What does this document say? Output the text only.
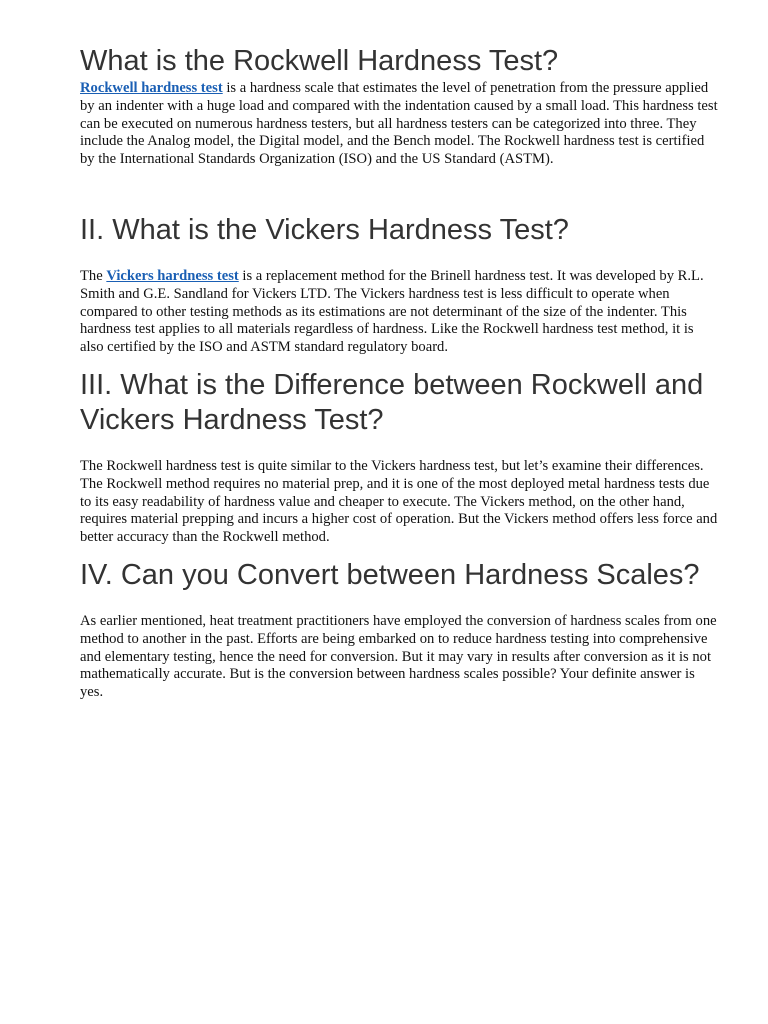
What is the Rockwell Hardness Test?

Rockwell hardness test is a hardness scale that estimates the level of penetration from the pressure applied by an indenter with a huge load and compared with the indentation caused by a small load. This hardness test can be executed on numerous hardness testers, but all hardness testers can be categorized into three. They include the Analog model, the Digital model, and the Bench model. The Rockwell hardness test is certified by the International Standards Organization (ISO) and the US Standard (ASTM).

II. What is the Vickers Hardness Test?

The Vickers hardness test is a replacement method for the Brinell hardness test. It was developed by R.L. Smith and G.E. Sandland for Vickers LTD. The Vickers hardness test is less difficult to operate when compared to other testing methods as its estimations are not determinant of the size of the indenter. This hardness test applies to all materials regardless of hardness. Like the Rockwell hardness test method, it is also certified by the ISO and ASTM standard regulatory board.

III. What is the Difference between Rockwell and Vickers Hardness Test?

The Rockwell hardness test is quite similar to the Vickers hardness test, but let’s examine their differences. The Rockwell method requires no material prep, and it is one of the most deployed metal hardness tests due to its easy readability of hardness value and cheaper to execute. The Vickers method, on the other hand, requires material prepping and incurs a higher cost of operation. But the Vickers method offers less force and better accuracy than the Rockwell method.

IV. Can you Convert between Hardness Scales?

As earlier mentioned, heat treatment practitioners have employed the conversion of hardness scales from one method to another in the past. Efforts are being embarked on to reduce hardness testing into comprehensive and elementary testing, hence the need for conversion. But it may vary in results after conversion as it is not mathematically accurate. But is the conversion between hardness scales possible? Your definite answer is yes.
